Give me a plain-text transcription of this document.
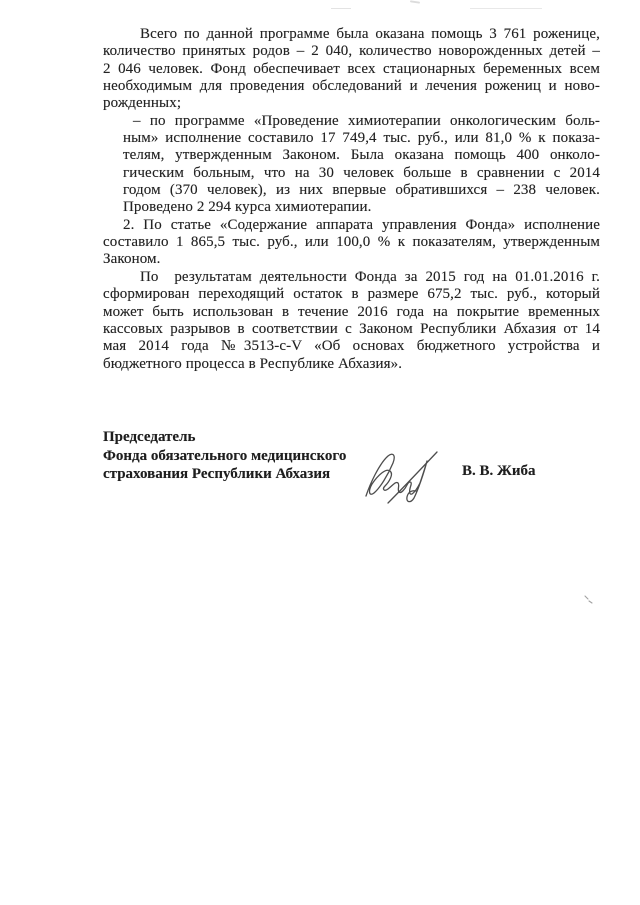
Всего по данной программе была оказана помощь 3 761 роженице,
количество принятых родов – 2 040, количество новорожденных детей –
2 046 человек. Фонд обеспечивает всех стационарных беременных всем
необходимым для проведения обследований и лечения рожениц и ново-
рожденных;
– по программе «Проведение химиотерапии онкологическим боль-
ным» исполнение составило 17 749,4 тыс. руб., или 81,0 % к показа-
телям, утвержденным Законом. Была оказана помощь 400 онколо-
гическим больным, что на 30 человек больше в сравнении с 2014
годом (370 человек), из них впервые обратившихся – 238 человек.
Проведено 2 294 курса химиотерапии.
2. По статье «Содержание аппарата управления Фонда» исполнение
составило 1 865,5 тыс. руб., или 100,0 % к показателям, утвержденным
Законом.
По  результатам деятельности Фонда за 2015 год на 01.01.2016 г.
сформирован переходящий остаток в размере 675,2 тыс. руб., который
может быть использован в течение 2016 года на покрытие временных
кассовых разрывов в соответствии с Законом Республики Абхазия от 14
мая 2014 года №3513-с-V «Об основах бюджетного устройства и
бюджетного процесса в Республике Абхазия».
Председатель
Фонда обязательного медицинского
страхования Республики Абхазия	В. В. Жиба
